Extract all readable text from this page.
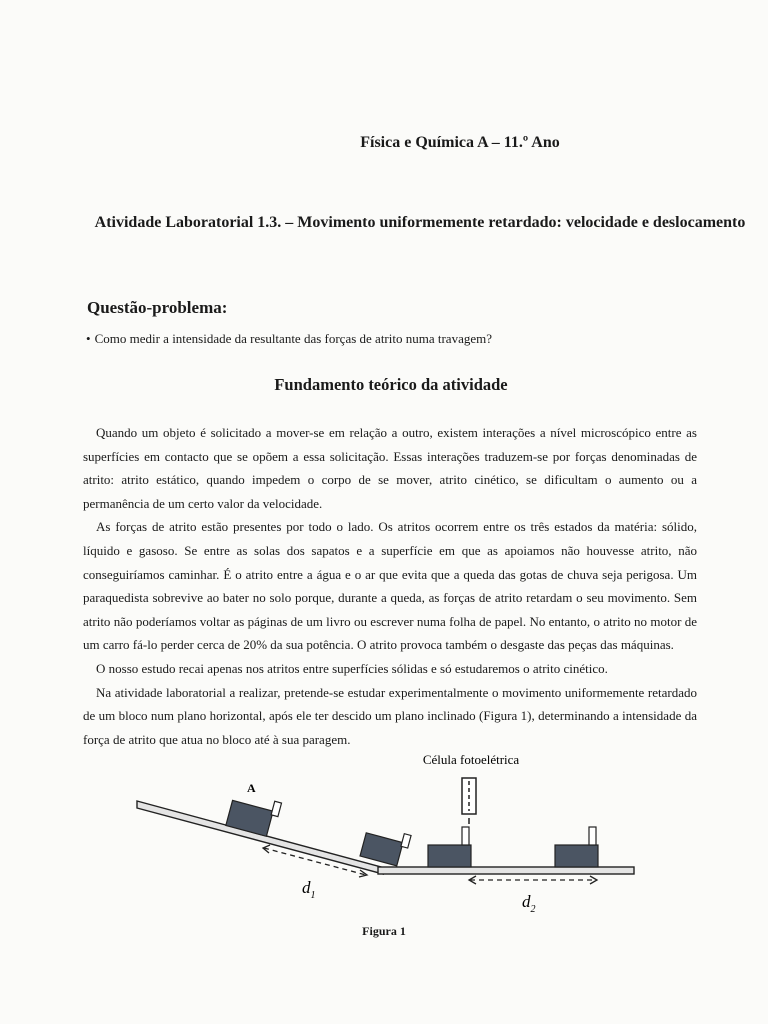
Física e Química A – 11.º Ano
Atividade Laboratorial 1.3. – Movimento uniformemente retardado: velocidade e deslocamento
Questão-problema:
• Como medir a intensidade da resultante das forças de atrito numa travagem?
Fundamento teórico da atividade

Quando um objeto é solicitado a mover-se em relação a outro, existem interações a nível microscópico entre as superfícies em contacto que se opõem a essa solicitação. Essas interações traduzem-se por forças denominadas de atrito: atrito estático, quando impedem o corpo de se mover, atrito cinético, se dificultam o aumento ou a permanência de um certo valor da velocidade.

As forças de atrito estão presentes por todo o lado. Os atritos ocorrem entre os três estados da matéria: sólido, líquido e gasoso. Se entre as solas dos sapatos e a superfície em que as apoiamos não houvesse atrito, não conseguiríamos caminhar. É o atrito entre a água e o ar que evita que a queda das gotas de chuva seja perigosa. Um paraquedista sobrevive ao bater no solo porque, durante a queda, as forças de atrito retardam o seu movimento. Sem atrito não poderíamos voltar as páginas de um livro ou escrever numa folha de papel. No entanto, o atrito no motor de um carro fá-lo perder cerca de 20% da sua potência. O atrito provoca também o desgaste das peças das máquinas.

O nosso estudo recai apenas nos atritos entre superfícies sólidas e só estudaremos o atrito cinético.

Na atividade laboratorial a realizar, pretende-se estudar experimentalmente o movimento uniformemente retardado de um bloco num plano horizontal, após ele ter descido um plano inclinado (Figura 1), determinando a intensidade da força de atrito que atua no bloco até à sua paragem.

Célula fotoelétrica
A
$d_1$	$d_2$
Figura 1
